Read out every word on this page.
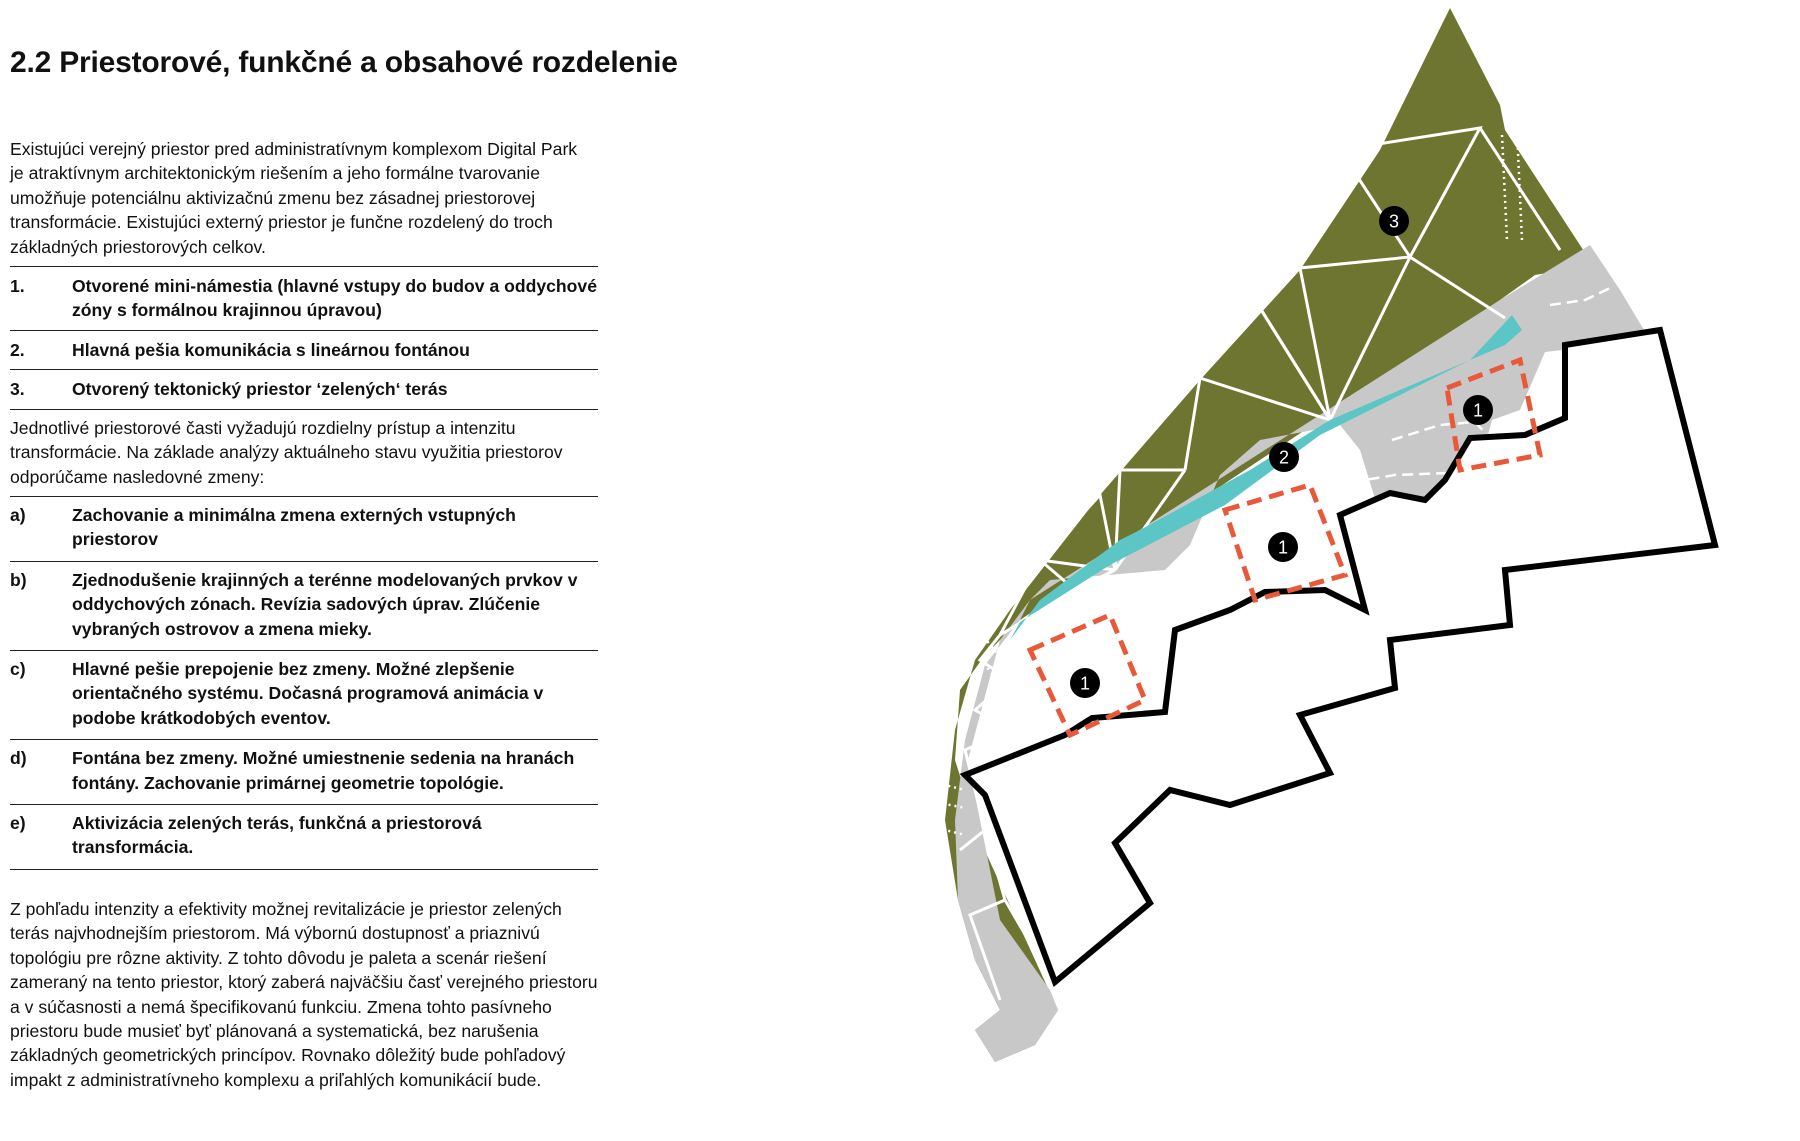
2.2 Priestorové, funkčné a obsahové rozdelenie

Existujúci verejný priestor pred administratívnym komplexom Digital Park je atraktívnym architektonickým riešením a jeho formálne tvarovanie umožňuje potenciálnu aktivizačnú zmenu bez zásadnej priestorovej transformácie. Existujúci externý priestor je funčne rozdelený do troch základných priestorových celkov.

1.	Otvorené mini-námestia (hlavné vstupy do budov a oddychové zóny s formálnou krajinnou úpravou)
2.	Hlavná pešia komunikácia s lineárnou fontánou
3.	Otvorený tektonický priestor ‘zelených‘ terás

Jednotlivé priestorové časti vyžadujú rozdielny prístup a intenzitu transformácie. Na základe analýzy aktuálneho stavu využitia priestorov odporúčame nasledovné zmeny:

a)	Zachovanie a minimálna zmena externých vstupných priestorov
b)	Zjednodušenie krajinných a terénne modelovaných prvkov v oddychových zónach. Revízia sadových úprav. Zlúčenie vybraných ostrovov a zmena mieky.
c)	Hlavné pešie prepojenie bez zmeny. Možné zlepšenie orientačného systému. Dočasná programová animácia v podobe krátkodobých eventov.
d)	Fontána bez zmeny. Možné umiestnenie sedenia na hranách fontány. Zachovanie primárnej geometrie topológie.
e)	Aktivizácia zelených terás, funkčná a priestorová transformácia.

Z pohľadu intenzity a efektivity možnej revitalizácie je priestor zelených terás najvhodnejším priestorom. Má výbornú dostupnosť a priaznivú topológiu pre rôzne aktivity. Z tohto dôvodu je paleta a scenár riešení zameraný na tento priestor, ktorý zaberá najväčšiu časť verejného priestoru a v súčasnosti a nemá špecifikovanú funkciu. Zmena tohto pasívneho priestoru bude musieť byť plánovaná a systematická, bez narušenia základných geometrických princípov. Rovnako dôležitý bude pohľadový impakt z administratívneho komplexu a priľahlých komunikácií bude.

1
1
1
2
3
